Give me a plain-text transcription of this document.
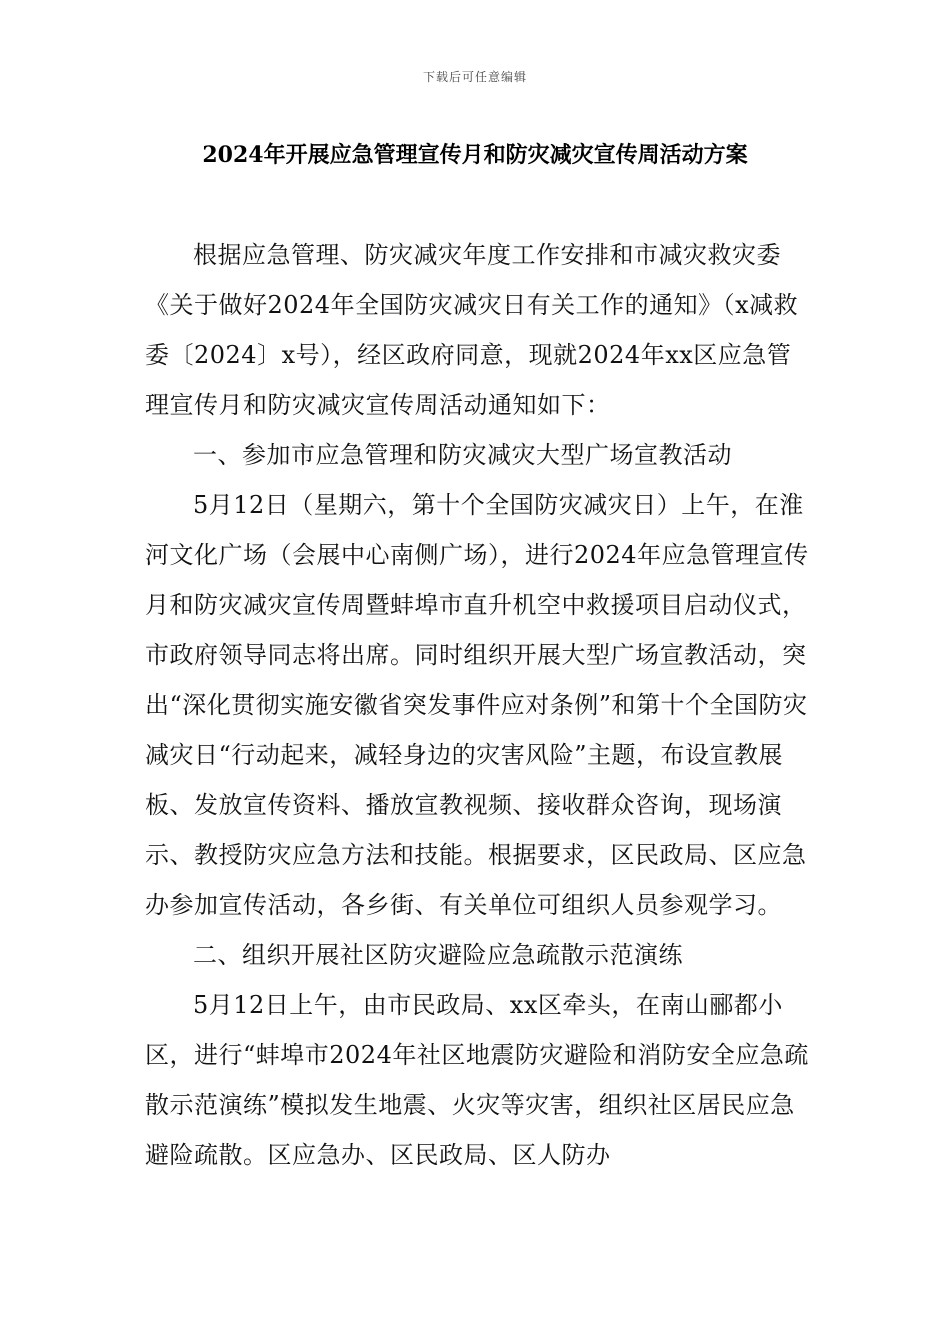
下载后可任意编辑
2024年开展应急管理宣传月和防灾减灾宣传周活动方案

根据应急管理、防灾减灾年度工作安排和市减灾救灾委《关于做好2024年全国防灾减灾日有关工作的通知》（x减救委〔2024〕x号），经区政府同意，现就2024年xx区应急管理宣传月和防灾减灾宣传周活动通知如下：

一、参加市应急管理和防灾减灾大型广场宣教活动

5月12日（星期六，第十个全国防灾减灾日）上午，在淮河文化广场（会展中心南侧广场），进行2024年应急管理宣传月和防灾减灾宣传周暨蚌埠市直升机空中救援项目启动仪式，市政府领导同志将出席。同时组织开展大型广场宣教活动，突出“深化贯彻实施安徽省突发事件应对条例”和第十个全国防灾减灾日“行动起来，减轻身边的灾害风险”主题，布设宣教展板、发放宣传资料、播放宣教视频、接收群众咨询，现场演示、教授防灾应急方法和技能。根据要求，区民政局、区应急办参加宣传活动，各乡街、有关单位可组织人员参观学习。

二、组织开展社区防灾避险应急疏散示范演练

5月12日上午，由市民政局、xx区牵头，在南山郦都小区，进行“蚌埠市2024年社区地震防灾避险和消防安全应急疏散示范演练”模拟发生地震、火灾等灾害，组织社区居民应急避险疏散。区应急办、区民政局、区人防办
